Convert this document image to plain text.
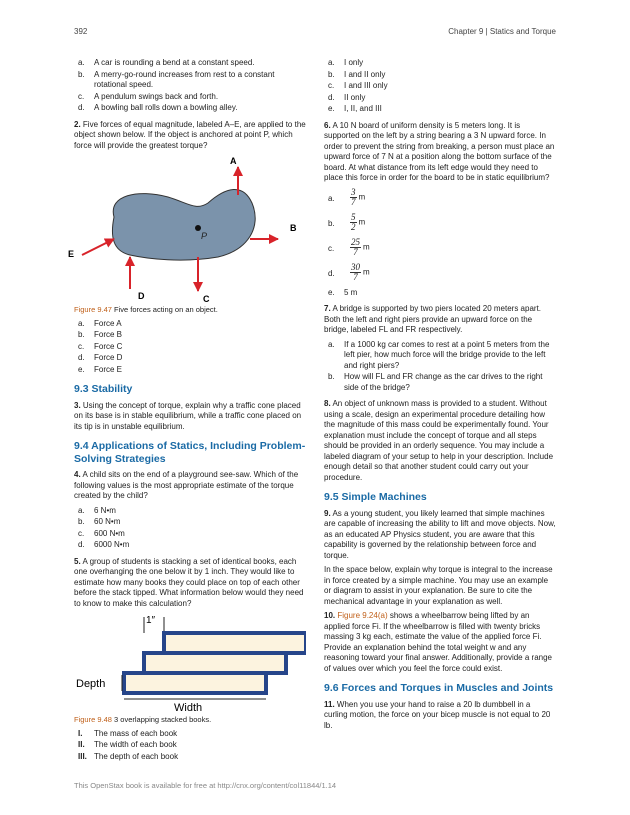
392	Chapter 9 | Statics and Torque
a. A car is rounding a bend at a constant speed.
b. A merry-go-round increases from rest to a constant rotational speed.
c. A pendulum swings back and forth.
d. A bowling ball rolls down a bowling alley.

2. Five forces of equal magnitude, labeled A–E, are applied to the object shown below. If the object is anchored at point P, which force will provide the greatest torque?

P
A
B
C
D
E
Figure 9.47 Five forces acting on an object.
a. Force A
b. Force B
c. Force C
d. Force D
e. Force E
9.3 Stability

3. Using the concept of torque, explain why a traffic cone placed on its base is in stable equilibrium, while a traffic cone placed on its tip is in unstable equilibrium.

9.4 Applications of Statics, Including Problem-Solving Strategies

4. A child sits on the end of a playground see-saw. Which of the following values is the most appropriate estimate of the torque created by the child?

a. 6 N•m
b. 60 N•m
c. 600 N•m
d. 6000 N•m

5. A group of students is stacking a set of identical books, each one overhanging the one below it by 1 inch. They would like to estimate how many books they could place on top of each other before the stack tipped. What information below would they need to know to make this calculation?

1″
Depth
Width
Figure 9.48 3 overlapping stacked books.
I. The mass of each book
II. The width of each book
III. The depth of each book
a. I only
b. I and II only
c. I and III only
d. II only
e. I, II, and III

6. A 10 N board of uniform density is 5 meters long. It is supported on the left by a string bearing a 3 N upward force. In order to prevent the string from breaking, a person must place an upward force of 7 N at a position along the bottom surface of the board. At what distance from its left edge would they need to place this force in order for the board to be in static equilibrium?

a. $\frac{3}{7}$ m
b. $\frac{5}{2}$ m
c. $\frac{25}{7}$ m
d. $\frac{30}{7}$ m
e. 5 m

7. A bridge is supported by two piers located 20 meters apart. Both the left and right piers provide an upward force on the bridge, labeled FL and FR respectively.

a. If a 1000 kg car comes to rest at a point 5 meters from the left pier, how much force will the bridge provide to the left and right piers?
b. How will FL and FR change as the car drives to the right side of the bridge?

8. An object of unknown mass is provided to a student. Without using a scale, design an experimental procedure detailing how the magnitude of this mass could be experimentally found. Your explanation must include the concept of torque and all steps should be provided in an orderly sequence. You may include a labeled diagram of your setup to help in your description. Include enough detail so that another student could carry out your procedure.

9.5 Simple Machines

9. As a young student, you likely learned that simple machines are capable of increasing the ability to lift and move objects. Now, as an educated AP Physics student, you are aware that this capability is governed by the relationship between force and torque.

In the space below, explain why torque is integral to the increase in force created by a simple machine. You may use an example or diagram to assist in your explanation. Be sure to cite the mechanical advantage in your explanation as well.

10. Figure 9.24(a) shows a wheelbarrow being lifted by an applied force Fi. If the wheelbarrow is filled with twenty bricks massing 3 kg each, estimate the value of the applied force Fi. Provide an explanation behind the total weight w and any reasoning toward your final answer. Additionally, provide a range of values over which you feel the force could exist.

9.6 Forces and Torques in Muscles and Joints

11. When you use your hand to raise a 20 lb dumbbell in a curling motion, the force on your bicep muscle is not equal to 20 lb.

This OpenStax book is available for free at http://cnx.org/content/col11844/1.14
